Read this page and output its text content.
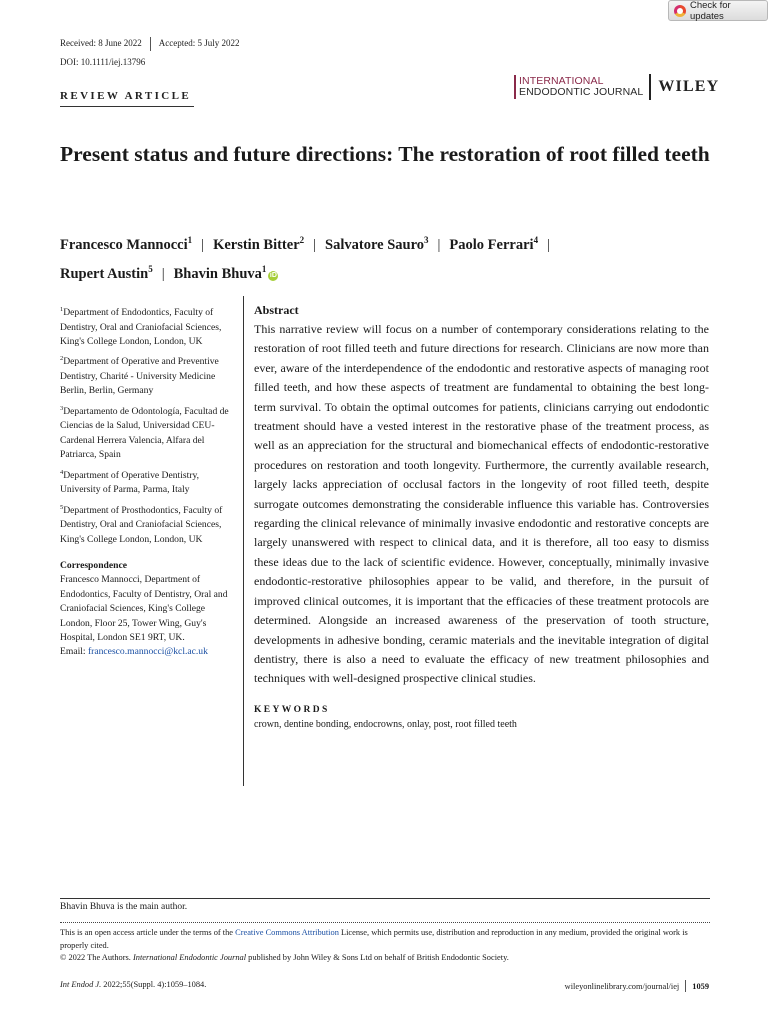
Check for updates
Received: 8 June 2022 Accepted: 5 July 2022
DOI: 10.1111/iej.13796
REVIEW ARTICLE
INTERNATIONAL
ENDODONTIC JOURNAL WILEY
Present status and future directions: The restoration of root filled teeth
Francesco Mannocci$^1$ | Kerstin Bitter$^2$ | Salvatore Sauro$^3$ | Paolo Ferrari$^4$ |
Rupert Austin$^5$ | Bhavin Bhuva$^1$iD
$^1$Department of Endodontics, Faculty of Dentistry, Oral and Craniofacial Sciences, King's College London, London, UK
$^2$Department of Operative and Preventive Dentistry, Charité - University Medicine Berlin, Berlin, Germany
$^3$Departamento de Odontología, Facultad de Ciencias de la Salud, Universidad CEU-Cardenal Herrera Valencia, Alfara del Patriarca, Spain
$^4$Department of Operative Dentistry, University of Parma, Parma, Italy
$^5$Department of Prosthodontics, Faculty of Dentistry, Oral and Craniofacial Sciences, King's College London, London, UK
Correspondence
Francesco Mannocci, Department of Endodontics, Faculty of Dentistry, Oral and Craniofacial Sciences, King's College London, Floor 25, Tower Wing, Guy's Hospital, London SE1 9RT, UK.
Email: francesco.mannocci@kcl.ac.uk
Abstract
This narrative review will focus on a number of contemporary considerations relating to the restoration of root filled teeth and future directions for research. Clinicians are now more than ever, aware of the interdependence of the endodontic and restorative aspects of managing root filled teeth, and how these aspects of treatment are fundamental to obtaining the best long-term survival. To obtain the optimal outcomes for patients, clinicians carrying out endodontic treatment should have a vested interest in the restorative phase of the treatment process, as well as an appreciation for the structural and biomechanical effects of endodontic-restorative procedures on restoration and tooth longevity. Furthermore, the currently available research, largely lacks appreciation of occlusal factors in the longevity of root filled teeth, despite surrogate outcomes demonstrating the considerable influence this variable has. Controversies regarding the clinical relevance of minimally invasive endodontic and restorative concepts are largely unanswered with respect to clinical data, and it is therefore, all too easy to dismiss these ideas due to the lack of scientific evidence. However, conceptually, minimally invasive endodontic-restorative philosophies appear to be valid, and therefore, in the pursuit of improved clinical outcomes, it is important that the efficacies of these treatment protocols are determined. Alongside an increased awareness of the preservation of tooth structure, developments in adhesive bonding, ceramic materials and the inevitable integration of digital dentistry, there is also a need to evaluate the efficacy of new treatment philosophies and techniques with well-designed prospective clinical studies.
KEYWORDS
crown, dentine bonding, endocrowns, onlay, post, root filled teeth
Bhavin Bhuva is the main author.
This is an open access article under the terms of the Creative Commons Attribution License, which permits use, distribution and reproduction in any medium, provided the original work is properly cited.
© 2022 The Authors. International Endodontic Journal published by John Wiley & Sons Ltd on behalf of British Endodontic Society.
Int Endod J. 2022;55(Suppl. 4):1059–1084.	wileyonlinelibrary.com/journal/iej 1059
